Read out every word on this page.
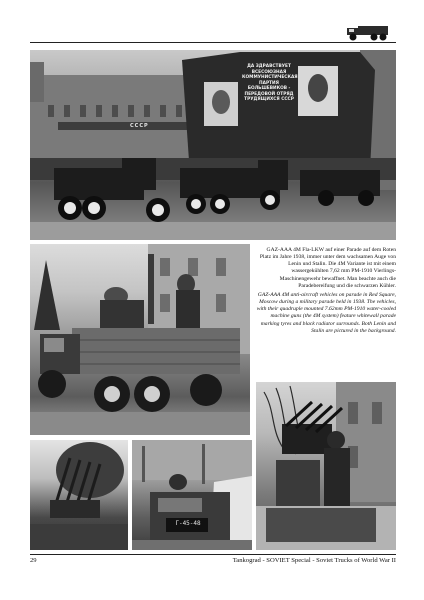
ДА ЗДРАВСТВУЕТ ВСЕСОЮЗНАЯ КОММУНИСТИЧЕСКАЯ ПАРТИЯ БОЛЬШЕВИКОВ - ПЕРЕДОВОЙ ОТРЯД ТРУДЯЩИХСЯ СССР
СССР

GAZ-AAA 4M Fla-LKW auf einer Parade auf dem Roten Platz im Jahre 1938, immer unter dem wachsamen Auge von Lenin und Stalin. Die 4M Variante ist mit einem wassergekühlten 7,62 mm PM-1910 Vierlings-Maschinengewehr bewaffnet. Man beachte auch die Paradebereifung und die schwarzen Kühler.

GAZ-AAA 4M anti-aircraft vehicles on parade in Red Square, Moscow during a military parade held in 1938. The vehicles, with their quadruple mounted 7.62mm PM-1910 water-cooled machine guns (the 4M system) feature whitewall parade marking tyres and black radiator surrounds. Both Lenin and Stalin are pictured in the background.

Г-45-48
29	Tankograd - SOVIET Special - Soviet Trucks of World War II
